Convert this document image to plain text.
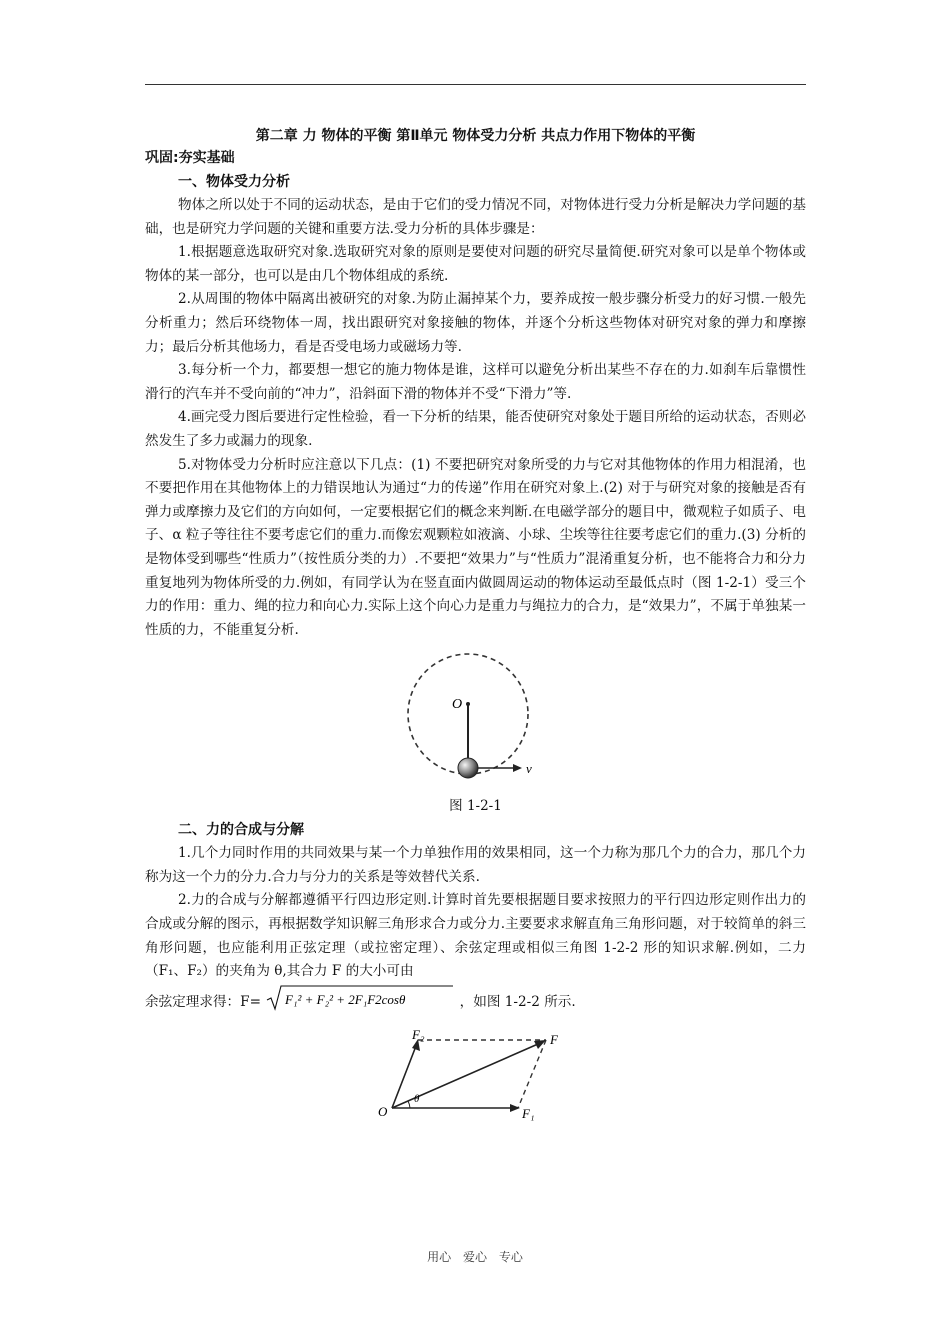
第二章 力 物体的平衡 第Ⅱ单元 物体受力分析 共点力作用下物体的平衡
巩固:夯实基础
一、物体受力分析

物体之所以处于不同的运动状态，是由于它们的受力情况不同，对物体进行受力分析是解决力学问题的基础，也是研究力学问题的关键和重要方法.受力分析的具体步骤是：

1.根据题意选取研究对象.选取研究对象的原则是要使对问题的研究尽量简便.研究对象可以是单个物体或物体的某一部分，也可以是由几个物体组成的系统.

2.从周围的物体中隔离出被研究的对象.为防止漏掉某个力，要养成按一般步骤分析受力的好习惯.一般先分析重力；然后环绕物体一周，找出跟研究对象接触的物体，并逐个分析这些物体对研究对象的弹力和摩擦力；最后分析其他场力，看是否受电场力或磁场力等.

3.每分析一个力，都要想一想它的施力物体是谁，这样可以避免分析出某些不存在的力.如刹车后靠惯性滑行的汽车并不受向前的“冲力”，沿斜面下滑的物体并不受“下滑力”等.

4.画完受力图后要进行定性检验，看一下分析的结果，能否使研究对象处于题目所给的运动状态，否则必然发生了多力或漏力的现象.

5.对物体受力分析时应注意以下几点：(1) 不要把研究对象所受的力与它对其他物体的作用力相混淆，也不要把作用在其他物体上的力错误地认为通过“力的传递”作用在研究对象上.(2) 对于与研究对象的接触是否有弹力或摩擦力及它们的方向如何，一定要根据它们的概念来判断.在电磁学部分的题目中，微观粒子如质子、电子、α 粒子等往往不要考虑它们的重力.而像宏观颗粒如液滴、小球、尘埃等往往要考虑它们的重力.(3) 分析的是物体受到哪些“性质力”（按性质分类的力）.不要把“效果力”与“性质力”混淆重复分析，也不能将合力和分力重复地列为物体所受的力.例如，有同学认为在竖直面内做圆周运动的物体运动至最低点时（图 1-2-1）受三个力的作用：重力、绳的拉力和向心力.实际上这个向心力是重力与绳拉力的合力，是“效果力”，不属于单独某一性质的力，不能重复分析.

O
v
图 1-2-1
二、力的合成与分解

1.几个力同时作用的共同效果与某一个力单独作用的效果相同，这一个力称为那几个力的合力，那几个力称为这一个力的分力.合力与分力的关系是等效替代关系.

2.力的合成与分解都遵循平行四边形定则.计算时首先要根据题目要求按照力的平行四边形定则作出力的合成或分解的图示，再根据数学知识解三角形求合力或分力.主要要求求解直角三角形问题，对于较简单的斜三角形问题，也应能利用正弦定理（或拉密定理）、余弦定理或相似三角图 1-2-2 形的知识求解.例如，二力（F₁、F₂）的夹角为 θ,其合力 F 的大小可由

余弦定理求得：F= F₁² + F₂² + 2F₁F2cosθ	，如图 1-2-2 所示.

F₂	F
F₁
O
θ
用心 爱心 专心
